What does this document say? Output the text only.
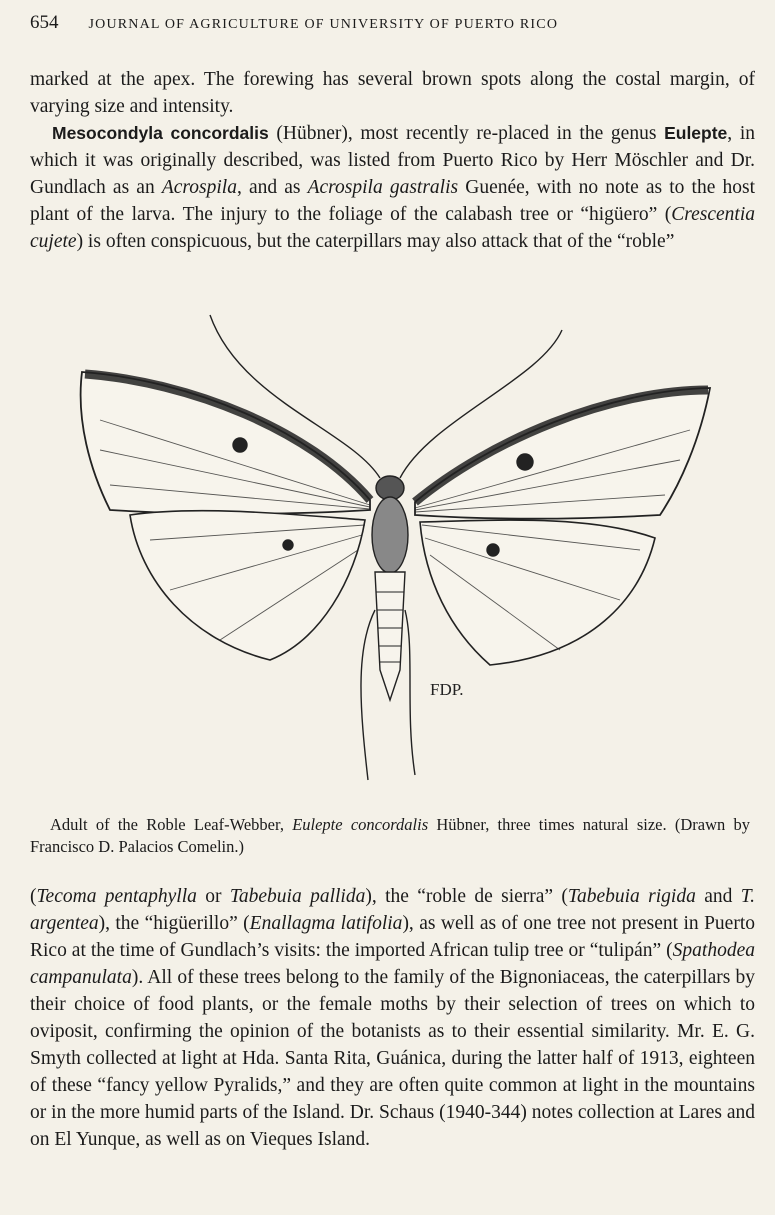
654 JOURNAL OF AGRICULTURE OF UNIVERSITY OF PUERTO RICO

marked at the apex. The forewing has several brown spots along the costal margin, of varying size and intensity.

Mesocondyla concordalis (Hübner), most recently re-placed in the genus Eulepte, in which it was originally described, was listed from Puerto Rico by Herr Möschler and Dr. Gundlach as an Acrospila, and as Acrospila gastralis Guenée, with no note as to the host plant of the larva. The injury to the foliage of the calabash tree or “higüero” (Crescentia cujete) is often conspicuous, but the caterpillars may also attack that of the “roble”

FDP.

Adult of the Roble Leaf-Webber, Eulepte concordalis Hübner, three times natural size. (Drawn by Francisco D. Palacios Comelin.)

(Tecoma pentaphylla or Tabebuia pallida), the “roble de sierra” (Tabebuia rigida and T. argentea), the “higüerillo” (Enallagma latifolia), as well as of one tree not present in Puerto Rico at the time of Gundlach’s visits: the imported African tulip tree or “tulipán” (Spathodea campanulata). All of these trees belong to the family of the Bignoniaceas, the caterpillars by their choice of food plants, or the female moths by their selection of trees on which to oviposit, confirming the opinion of the botanists as to their essential similarity. Mr. E. G. Smyth collected at light at Hda. Santa Rita, Guánica, during the latter half of 1913, eighteen of these “fancy yellow Pyralids,” and they are often quite common at light in the mountains or in the more humid parts of the Island. Dr. Schaus (1940-344) notes collection at Lares and on El Yunque, as well as on Vieques Island.
